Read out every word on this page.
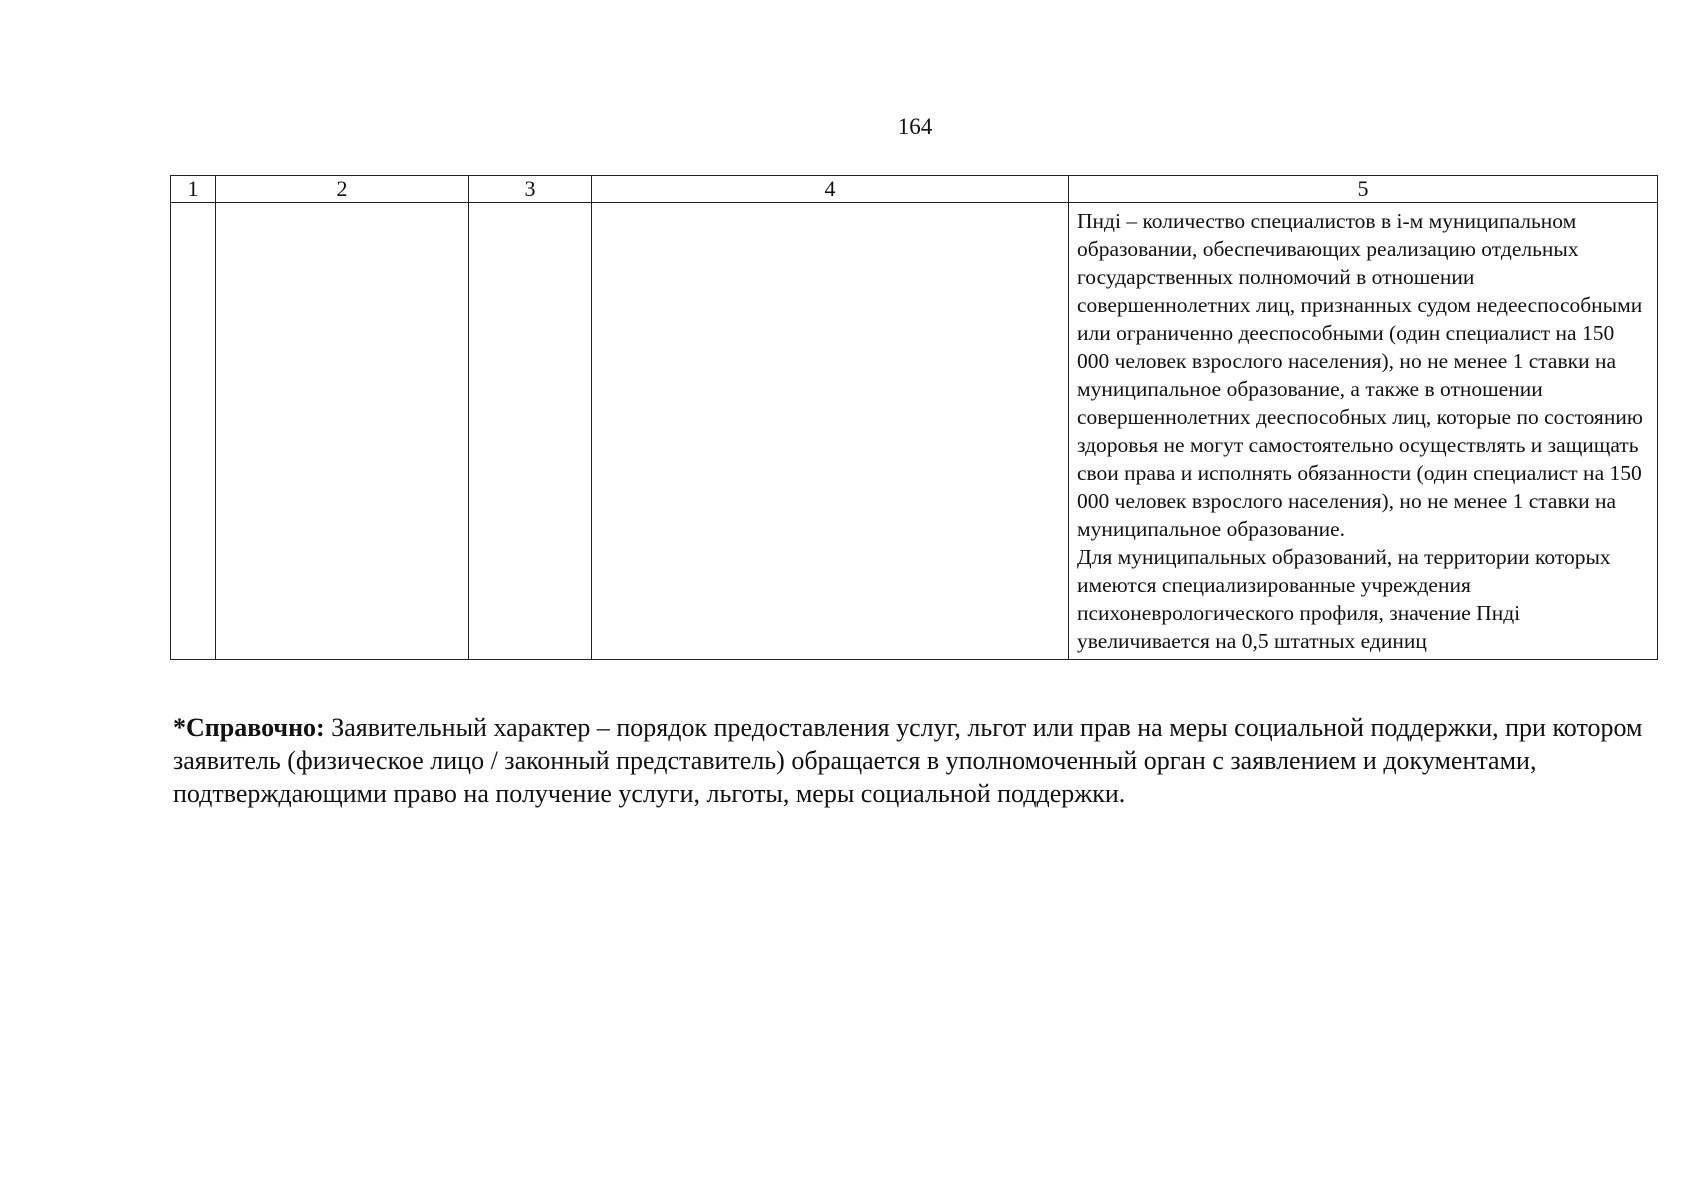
164
1	2	3	4	5

				Пндi – количество специалистов в i-м муниципальном образовании, обеспечивающих реализацию отдельных государственных полномочий в отношении совершеннолетних лиц, признанных судом недееспособными или ограниченно дееспособными (один специалист на 150 000 человек взрослого населения), но не менее 1 ставки на муниципальное образование, а также в отношении совершеннолетних дееспособных лиц, которые по состоянию здоровья не могут самостоятельно осуществлять и защищать свои права и исполнять обязанности (один специалист на 150 000 человек взрослого населения), но не менее 1 ставки на муниципальное образование.

Для муниципальных образований, на территории которых имеются специализированные учреждения психоневрологического профиля, значение Пндi увеличивается на 0,5 штатных единиц

*Справочно: Заявительный характер – порядок предоставления услуг, льгот или прав на меры социальной поддержки, при котором заявитель (физическое лицо / законный представитель) обращается в уполномоченный орган с заявлением и документами, подтверждающими право на получение услуги, льготы, меры социальной поддержки.
